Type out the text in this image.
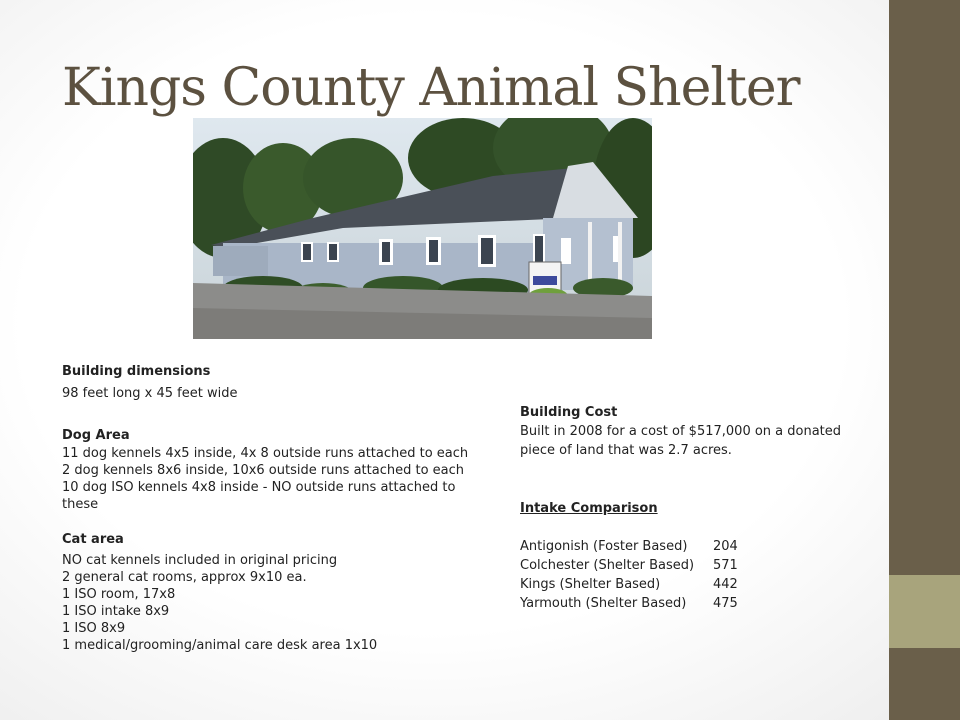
Kings County Animal Shelter
Building dimensions
98 feet long x 45 feet wide
Dog Area
11 dog kennels 4x5 inside, 4x 8 outside runs attached to each
2 dog kennels 8x6 inside, 10x6 outside runs attached to each
10 dog ISO kennels 4x8 inside - NO outside runs attached to
these
Cat area
NO cat kennels included in original pricing
2 general cat rooms, approx 9x10 ea.
1 ISO room, 17x8
1 ISO intake 8x9
1 ISO 8x9
1 medical/grooming/animal care desk area 1x10
Building Cost
Built in 2008 for a cost of $517,000 on a donated
piece of land that was 2.7 acres.
Intake Comparison
Antigonish (Foster Based) 204
Colchester (Shelter Based) 571
Kings (Shelter Based)	442
Yarmouth (Shelter Based) 475
